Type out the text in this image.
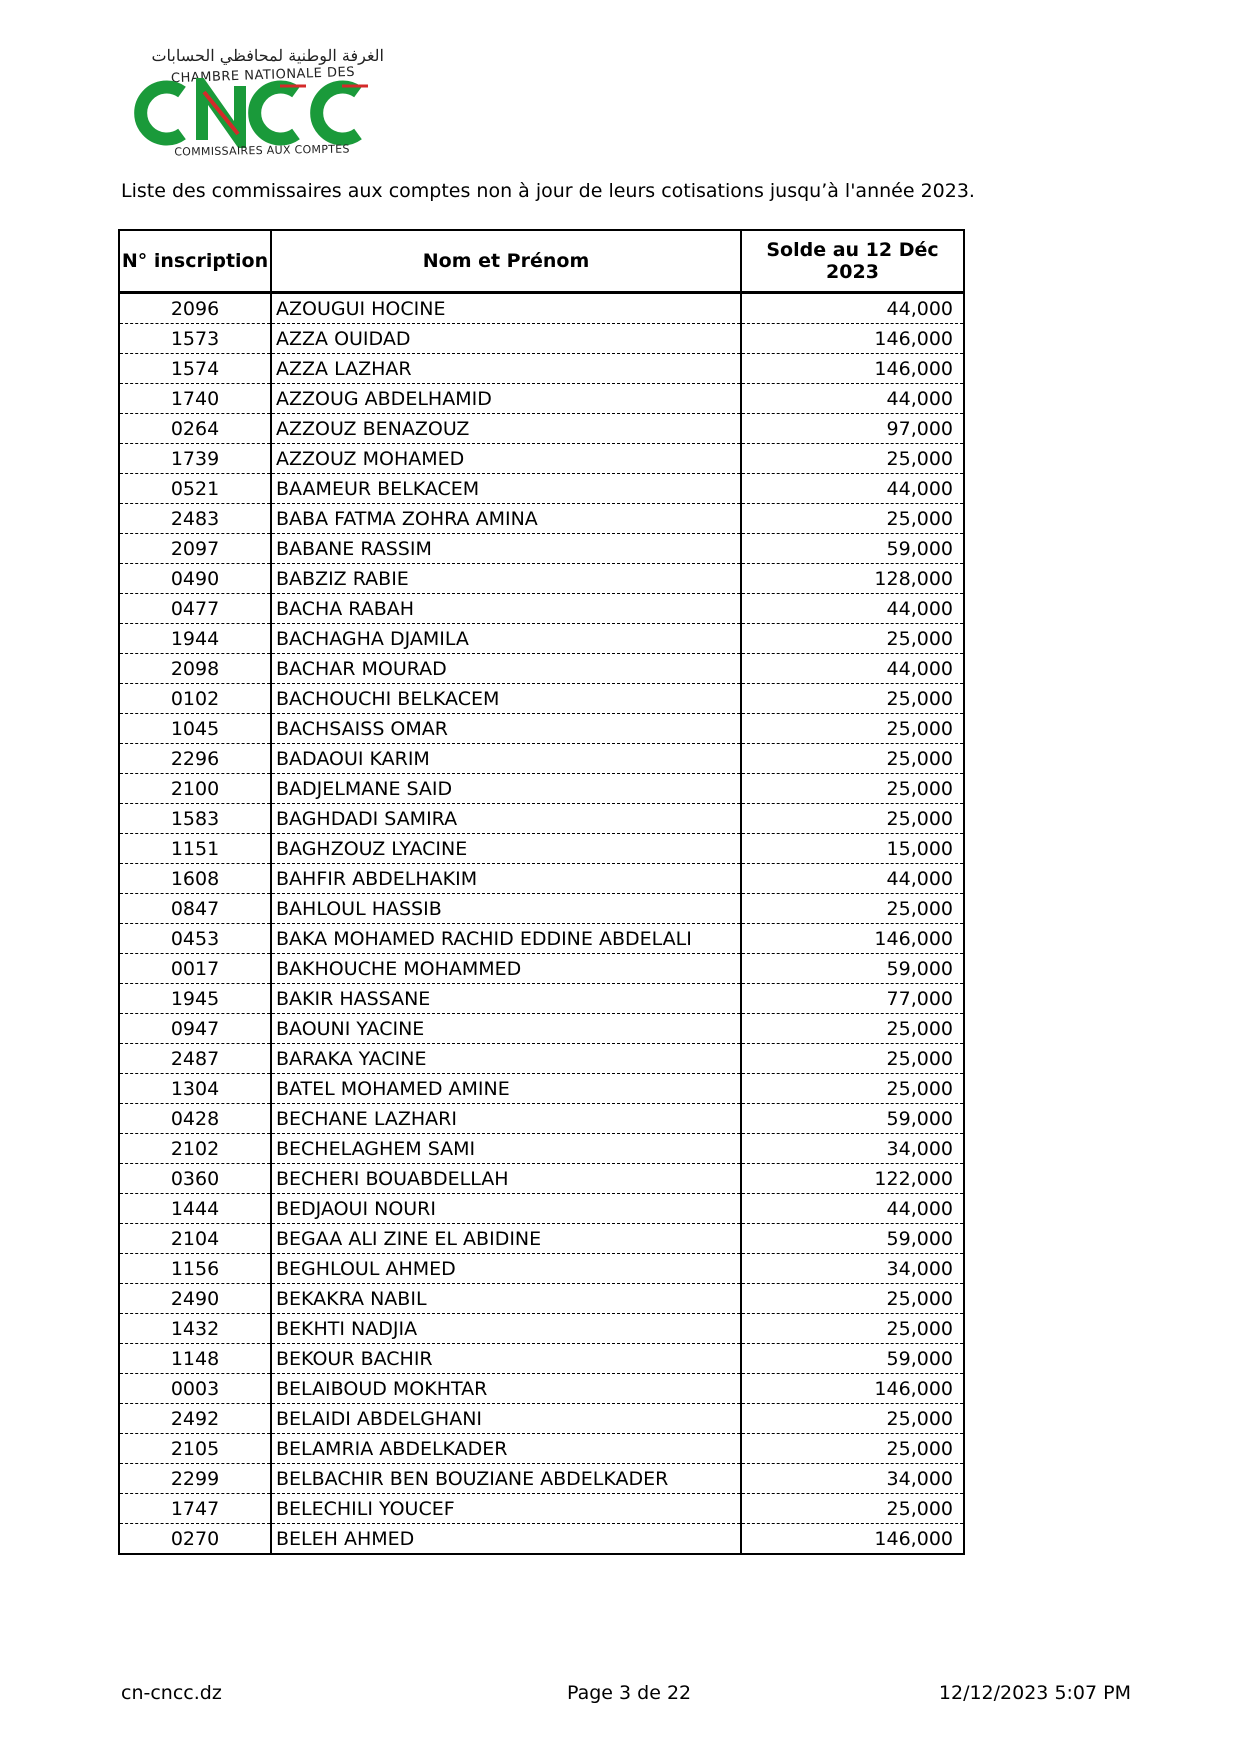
الغرفة الوطنية لمحافظي الحسابات
CHAMBRE NATIONALE DES
COMMISSAIRES AUX COMPTES
Liste des commissaires aux comptes non à jour de leurs cotisations jusqu’à l'année 2023.
N° inscription	Nom et Prénom	Solde au 12 Déc 2023
2096	AZOUGUI HOCINE	44,000
1573	AZZA OUIDAD	146,000
1574	AZZA LAZHAR	146,000
1740	AZZOUG ABDELHAMID	44,000
0264	AZZOUZ BENAZOUZ	97,000
1739	AZZOUZ MOHAMED	25,000
0521	BAAMEUR BELKACEM	44,000
2483	BABA FATMA ZOHRA AMINA	25,000
2097	BABANE RASSIM	59,000
0490	BABZIZ RABIE	128,000
0477	BACHA RABAH	44,000
1944	BACHAGHA DJAMILA	25,000
2098	BACHAR MOURAD	44,000
0102	BACHOUCHI BELKACEM	25,000
1045	BACHSAISS OMAR	25,000
2296	BADAOUI KARIM	25,000
2100	BADJELMANE SAID	25,000
1583	BAGHDADI SAMIRA	25,000
1151	BAGHZOUZ LYACINE	15,000
1608	BAHFIR ABDELHAKIM	44,000
0847	BAHLOUL HASSIB	25,000
0453	BAKA MOHAMED RACHID EDDINE ABDELALI	146,000
0017	BAKHOUCHE MOHAMMED	59,000
1945	BAKIR HASSANE	77,000
0947	BAOUNI YACINE	25,000
2487	BARAKA YACINE	25,000
1304	BATEL MOHAMED AMINE	25,000
0428	BECHANE LAZHARI	59,000
2102	BECHELAGHEM SAMI	34,000
0360	BECHERI BOUABDELLAH	122,000
1444	BEDJAOUI NOURI	44,000
2104	BEGAA ALI ZINE EL ABIDINE	59,000
1156	BEGHLOUL AHMED	34,000
2490	BEKAKRA NABIL	25,000
1432	BEKHTI NADJIA	25,000
1148	BEKOUR BACHIR	59,000
0003	BELAIBOUD MOKHTAR	146,000
2492	BELAIDI ABDELGHANI	25,000
2105	BELAMRIA ABDELKADER	25,000
2299	BELBACHIR BEN BOUZIANE ABDELKADER	34,000
1747	BELECHILI YOUCEF	25,000
0270	BELEH AHMED	146,000
cn-cncc.dz	Page 3 de 22	12/12/2023 5:07 PM
